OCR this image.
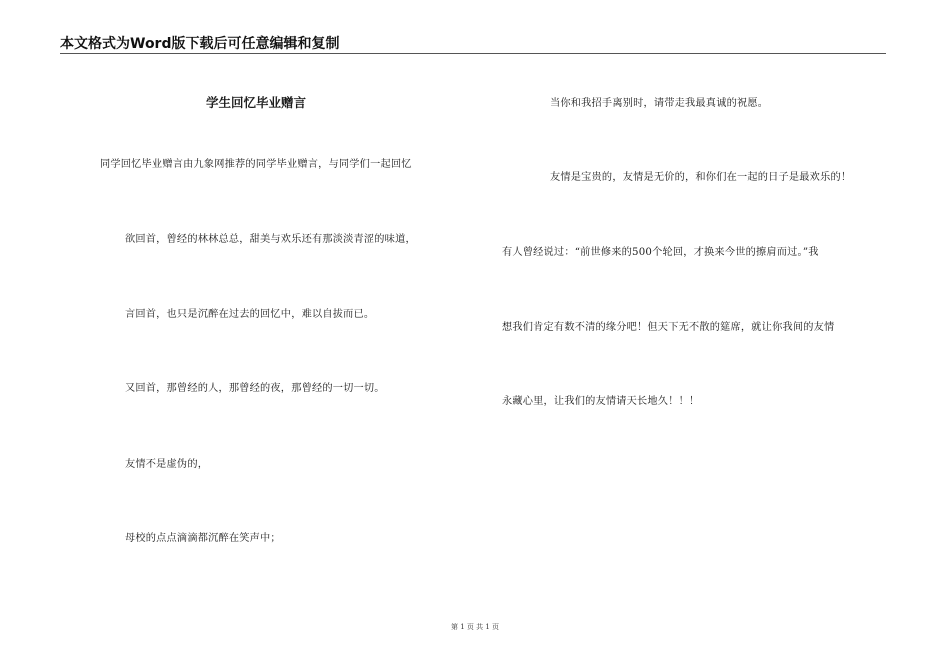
本文格式为Word版下载后可任意编辑和复制
学生回忆毕业赠言
同学回忆毕业赠言由九象网推荐的同学毕业赠言，与同学们一起回忆
欲回首，曾经的林林总总，甜美与欢乐还有那淡淡青涩的味道，
言回首，也只是沉醉在过去的回忆中，难以自拔而已。
又回首，那曾经的人，那曾经的夜，那曾经的一切一切。
友情不是虚伪的，
母校的点点滴滴都沉醉在笑声中；
当你和我招手离别时，请带走我最真诚的祝愿。
友情是宝贵的，友情是无价的，和你们在一起的日子是最欢乐的！
有人曾经说过：“前世修来的500个轮回，才换来今世的擦肩而过。”我
想我们肯定有数不清的缘分吧！但天下无不散的筵席，就让你我间的友情
永藏心里，让我们的友情请天长地久！！！
第 1 页 共 1 页
